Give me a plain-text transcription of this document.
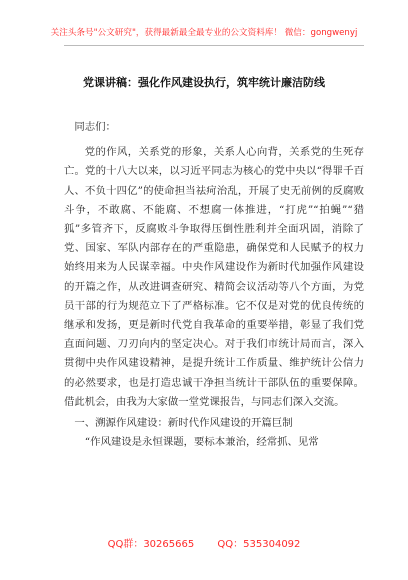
关注头条号"公文研究"，获得最新最全最专业的公文资料库！ 微信：gongwenyj
党课讲稿：强化作风建设执行，筑牢统计廉洁防线

同志们：

党的作风，关系党的形象，关系人心向背，关系党的生死存亡。党的十八大以来，以习近平同志为核心的党中央以“得罪千百人、不负十四亿”的使命担当祛疴治乱，开展了史无前例的反腐败斗争，不敢腐、不能腐、不想腐一体推进，“打虎”“拍蝇”“猎狐”多管齐下，反腐败斗争取得压倒性胜利并全面巩固，消除了党、国家、军队内部存在的严重隐患，确保党和人民赋予的权力始终用来为人民谋幸福。中央作风建设作为新时代加强作风建设的开篇之作，从改进调查研究、精简会议活动等八个方面，为党员干部的行为规范立下了严格标准。它不仅是对党的优良传统的继承和发扬，更是新时代党自我革命的重要举措，彰显了我们党直面问题、刀刃向内的坚定决心。对于我们市统计局而言，深入贯彻中央作风建设精神，是提升统计工作质量、维护统计公信力的必然要求，也是打造忠诚干净担当统计干部队伍的重要保障。借此机会，由我为大家做一堂党课报告，与同志们深入交流。

一、溯源作风建设：新时代作风建设的开篇巨制

“作风建设是永恒课题，要标本兼治，经常抓、见常

QQ群：30265665 QQ：535304092
